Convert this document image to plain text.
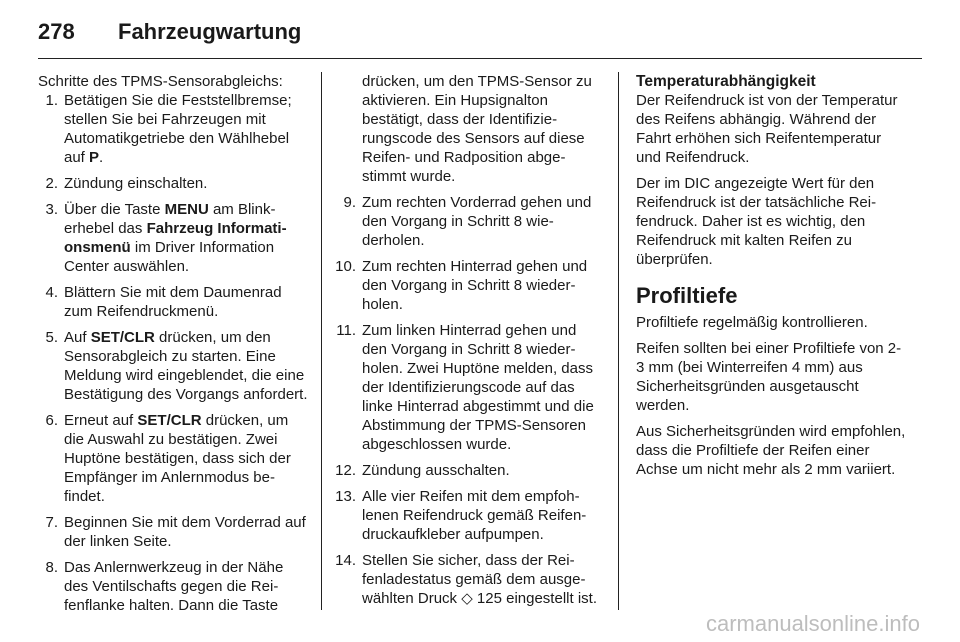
278 Fahrzeugwartung

Schritte des TPMS-Sensorabgleichs:

1. Betätigen Sie die Feststellbremse; stellen Sie bei Fahrzeugen mit Automatikgetriebe den Wählhebel auf P.
2. Zündung einschalten.
3. Über die Taste MENU am Blinkerhebel das Fahrzeug Informationsmenü im Driver Information Center auswählen.
4. Blättern Sie mit dem Daumenrad zum Reifendruckmenü.
5. Auf SET/CLR drücken, um den Sensorabgleich zu starten. Eine Meldung wird eingeblendet, die eine Bestätigung des Vorgangs anfordert.
6. Erneut auf SET/CLR drücken, um die Auswahl zu bestätigen. Zwei Huptöne bestätigen, dass sich der Empfänger im Anlernmodus befindet.
7. Beginnen Sie mit dem Vorderrad auf der linken Seite.
8. Das Anlernwerkzeug in der Nähe des Ventilschafts gegen die Reifenflanke halten. Dann die Taste

drücken, um den TPMS-Sensor zu aktivieren. Ein Hupsignalton bestätigt, dass der Identifizierungscode des Sensors auf diese Reifen- und Radposition abgestimmt wurde.

9. Zum rechten Vorderrad gehen und den Vorgang in Schritt 8 wiederholen.
10. Zum rechten Hinterrad gehen und den Vorgang in Schritt 8 wiederholen.
11. Zum linken Hinterrad gehen und den Vorgang in Schritt 8 wiederholen. Zwei Huptöne melden, dass der Identifizierungscode auf das linke Hinterrad abgestimmt und die Abstimmung der TPMS-Sensoren abgeschlossen wurde.
12. Zündung ausschalten.
13. Alle vier Reifen mit dem empfohlenen Reifendruck gemäß Reifendruckaufkleber aufpumpen.
14. Stellen Sie sicher, dass der Reifenladestatus gemäß dem ausgewählten Druck ◇ 125 eingestellt ist.

Temperaturabhängigkeit

Der Reifendruck ist von der Temperatur des Reifens abhängig. Während der Fahrt erhöhen sich Reifentemperatur und Reifendruck.

Der im DIC angezeigte Wert für den Reifendruck ist der tatsächliche Reifendruck. Daher ist es wichtig, den Reifendruck mit kalten Reifen zu überprüfen.

Profiltiefe

Profiltiefe regelmäßig kontrollieren.

Reifen sollten bei einer Profiltiefe von 2-3 mm (bei Winterreifen 4 mm) aus Sicherheitsgründen ausgetauscht werden.

Aus Sicherheitsgründen wird empfohlen, dass die Profiltiefe der Reifen einer Achse um nicht mehr als 2 mm variiert.

carmanualsonline.info
